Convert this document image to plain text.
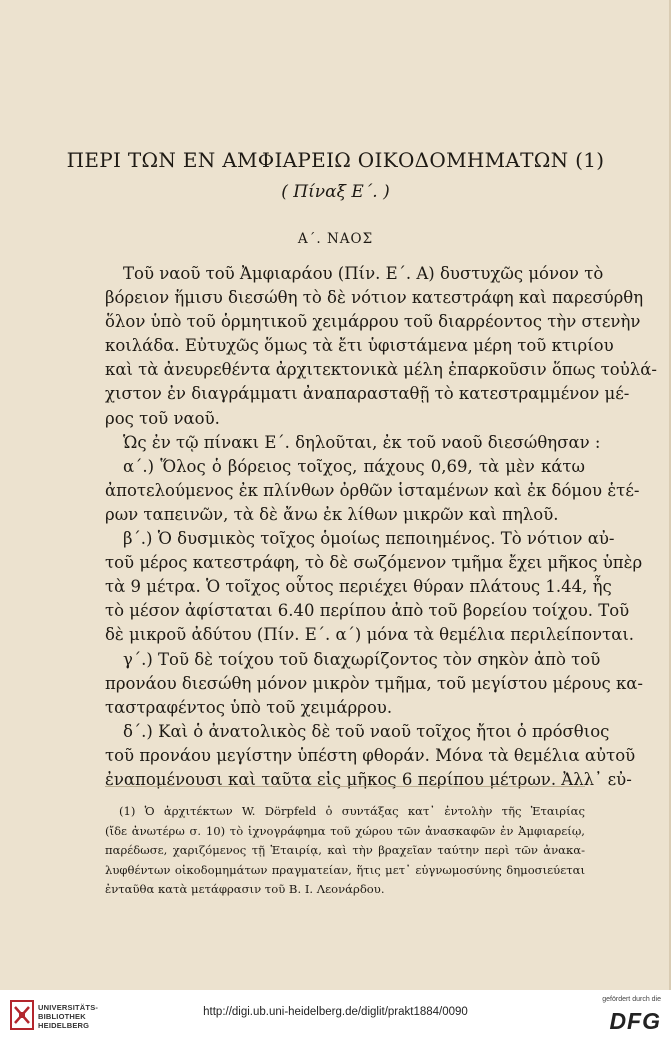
ΠΕΡΙ ΤΩΝ ΕΝ ΑΜΦΙΑΡΕΙΩ ΟΙΚΟΔΟΜΗΜΑΤΩΝ (1)
( Πίναξ Ε΄. )
Α΄. ΝΑΟΣ
Τοῦ ναοῦ τοῦ Ἀμφιαράου (Πίν. Ε΄. Α) δυστυχῶς μόνον τὸ
βόρειον ἥμισυ διεσώθη τὸ δὲ νότιον κατεστράφη καὶ παρεσύρθη
ὅλον ὑπὸ τοῦ ὁρμητικοῦ χειμάρρου τοῦ διαρρέοντος τὴν στενὴν
κοιλάδα. Εὐτυχῶς ὅμως τὰ ἔτι ὑφιστάμενα μέρη τοῦ κτιρίου
καὶ τὰ ἀνευρεθέντα ἀρχιτεκτονικὰ μέλη ἐπαρκοῦσιν ὅπως τοὐλά-
χιστον ἐν διαγράμματι ἀναπαρασταθῇ τὸ κατεστραμμένον μέ-
ρος τοῦ ναοῦ.
Ὡς ἐν τῷ πίνακι Ε΄. δηλοῦται, ἐκ τοῦ ναοῦ διεσώθησαν :
α΄.) Ὅλος ὁ βόρειος τοῖχος, πάχους 0,69, τὰ μὲν κάτω
ἀποτελούμενος ἐκ πλίνθων ὀρθῶν ἱσταμένων καὶ ἐκ δόμου ἑτέ-
ρων ταπεινῶν, τὰ δὲ ἄνω ἐκ λίθων μικρῶν καὶ πηλοῦ.
β΄.) Ὁ δυσμικὸς τοῖχος ὁμοίως πεποιημένος. Τὸ νότιον αὐ-
τοῦ μέρος κατεστράφη, τὸ δὲ σωζόμενον τμῆμα ἔχει μῆκος ὑπὲρ
τὰ 9 μέτρα. Ὁ τοῖχος οὗτος περιέχει θύραν πλάτους 1.44, ἧς
τὸ μέσον ἀφίσταται 6.40 περίπου ἀπὸ τοῦ βορείου τοίχου. Τοῦ
δὲ μικροῦ ἀδύτου (Πίν. Ε΄. α΄) μόνα τὰ θεμέλια περιλείπονται.
γ΄.) Τοῦ δὲ τοίχου τοῦ διαχωρίζοντος τὸν σηκὸν ἀπὸ τοῦ
προνάου διεσώθη μόνον μικρὸν τμῆμα, τοῦ μεγίστου μέρους κα-
ταστραφέντος ὑπὸ τοῦ χειμάρρου.
δ΄.) Καὶ ὁ ἀνατολικὸς δὲ τοῦ ναοῦ τοῖχος ἤτοι ὁ πρόσθιος
τοῦ προνάου μεγίστην ὑπέστη φθοράν. Μόνα τὰ θεμέλια αὐτοῦ
ἐναπομένουσι καὶ ταῦτα εἰς μῆκος 6 περίπου μέτρων. Ἀλλ᾽ εὐ-
(1) Ὁ ἀρχιτέκτων W. Dörpfeld ὁ συντάξας κατ᾽ ἐντολὴν τῆς Ἑταιρίας
(ἴδε ἀνωτέρω σ. 10) τὸ ἰχνογράφημα τοῦ χώρου τῶν ἀνασκαφῶν ἐν Ἀμφιαρείῳ,
παρέδωσε, χαριζόμενος τῇ Ἑταιρίᾳ, καὶ τὴν βραχεῖαν ταύτην περὶ τῶν ἀνακα-
λυφθέντων οἰκοδομημάτων πραγματείαν, ἥτις μετ᾽ εὐγνωμοσύνης δημοσιεύεται
ἐνταῦθα κατὰ μετάφρασιν τοῦ Β. Ι. Λεονάρδου.
UNIVERSITÄTS-
BIBLIOTHEK
HEIDELBERG
http://digi.ub.uni-heidelberg.de/diglit/prakt1884/0090
gefördert durch die
DFG
